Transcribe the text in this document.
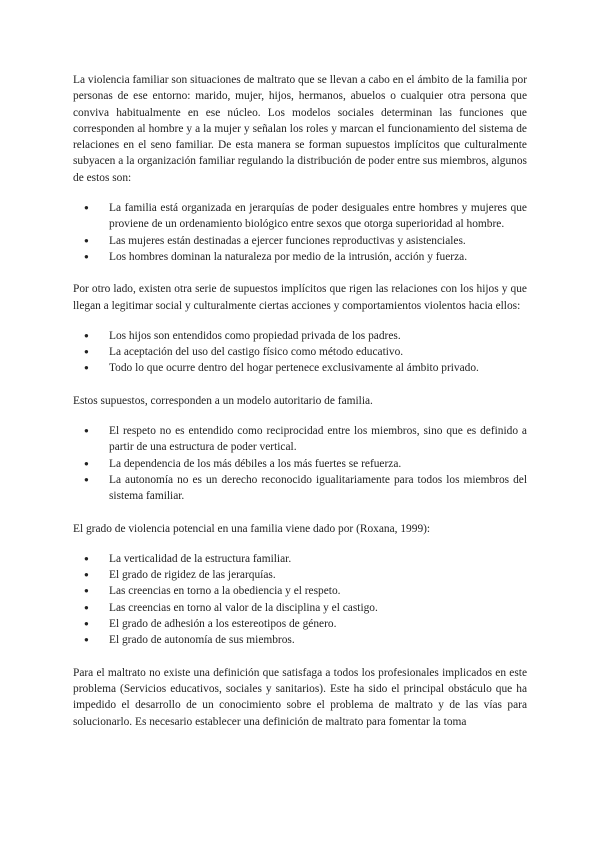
La violencia familiar son situaciones de maltrato que se llevan a cabo en el ámbito de la familia por personas de ese entorno: marido, mujer, hijos, hermanos, abuelos o cualquier otra persona que conviva habitualmente en ese núcleo. Los modelos sociales determinan las funciones que corresponden al hombre y a la mujer y señalan los roles y marcan el funcionamiento del sistema de relaciones en el seno familiar. De esta manera se forman supuestos implícitos que culturalmente subyacen a la organización familiar regulando la distribución de poder entre sus miembros, algunos de estos son:

● La familia está organizada en jerarquías de poder desiguales entre hombres y mujeres que proviene de un ordenamiento biológico entre sexos que otorga superioridad al hombre.
● Las mujeres están destinadas a ejercer funciones reproductivas y asistenciales.
● Los hombres dominan la naturaleza por medio de la intrusión, acción y fuerza.

Por otro lado, existen otra serie de supuestos implícitos que rigen las relaciones con los hijos y que llegan a legitimar social y culturalmente ciertas acciones y comportamientos violentos hacia ellos:

● Los hijos son entendidos como propiedad privada de los padres.
● La aceptación del uso del castigo físico como método educativo.
● Todo lo que ocurre dentro del hogar pertenece exclusivamente al ámbito privado.

Estos supuestos, corresponden a un modelo autoritario de familia.

● El respeto no es entendido como reciprocidad entre los miembros, sino que es definido a partir de una estructura de poder vertical.
● La dependencia de los más débiles a los más fuertes se refuerza.
● La autonomía no es un derecho reconocido igualitariamente para todos los miembros del sistema familiar.

El grado de violencia potencial en una familia viene dado por (Roxana, 1999):

● La verticalidad de la estructura familiar.
● El grado de rigidez de las jerarquías.
● Las creencias en torno a la obediencia y el respeto.
● Las creencias en torno al valor de la disciplina y el castigo.
● El grado de adhesión a los estereotipos de género.
● El grado de autonomía de sus miembros.

Para el maltrato no existe una definición que satisfaga a todos los profesionales implicados en este problema (Servicios educativos, sociales y sanitarios). Este ha sido el principal obstáculo que ha impedido el desarrollo de un conocimiento sobre el problema de maltrato y de las vías para solucionarlo. Es necesario establecer una definición de maltrato para fomentar la toma
